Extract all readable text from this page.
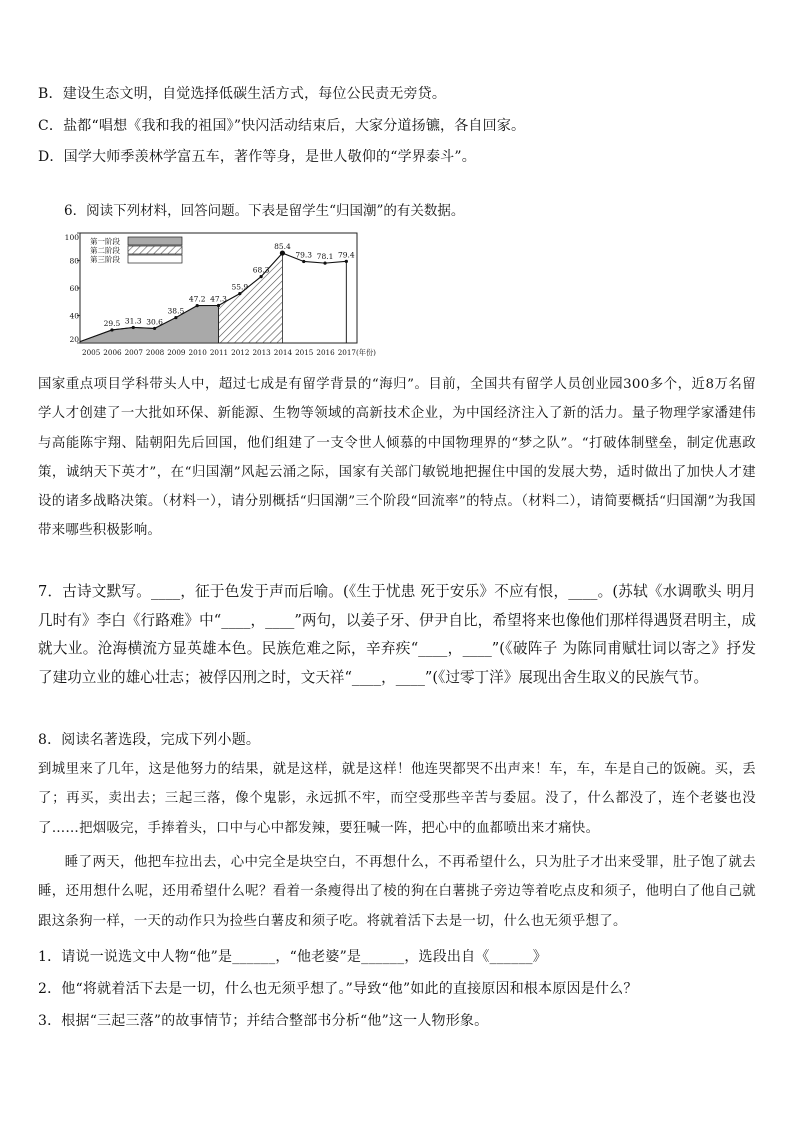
B．建设生态文明，自觉选择低碳生活方式，每位公民责无旁贷。
C．盐都“唱想《我和我的祖国》”快闪活动结束后，大家分道扬镳，各自回家。
D．国学大师季羡林学富五车，著作等身，是世人敬仰的“学界泰斗”。
6．阅读下列材料，回答问题。下表是留学生“归国潮”的有关数据。
20
40
60
80
100
29.5 31.3 30.6
38.5
47.2 47.3
55.9
68.3
85.4
79.3 78.1 79.4
2005 2006 2007 2008 2009 2010 2011 2012 2013 2014 2015 2016 2017(年份)
第一阶段
第二阶段
第三阶段
国家重点项目学科带头人中，超过七成是有留学背景的“海归”。目前，全国共有留学人员创业园300多个，近8万名留学人才创建了一大批如环保、新能源、生物等领域的高新技术企业，为中国经济注入了新的活力。量子物理学家潘建伟与高能陈宇翔、陆朝阳先后回国，他们组建了一支令世人倾慕的中国物理界的“梦之队”。“打破体制壁垒，制定优惠政策，诚纳天下英才”，在“归国潮”风起云涌之际，国家有关部门敏锐地把握住中国的发展大势，适时做出了加快人才建设的诸多战略决策。（材料一），请分别概括“归国潮”三个阶段“回流率”的特点。（材料二），请简要概括“归国潮”为我国带来哪些积极影响。
7．古诗文默写。____，征于色发于声而后喻。(《生于忧患 死于安乐》不应有恨，____。(苏轼《水调歌头 明月几时有》李白《行路难》中“____，____”两句，以姜子牙、伊尹自比，希望将来也像他们那样得遇贤君明主，成就大业。沧海横流方显英雄本色。民族危难之际，辛弃疾“____，____”(《破阵子 为陈同甫赋壮词以寄之》抒发了建功立业的雄心壮志；被俘囚刑之时，文天祥“____，____”(《过零丁洋》展现出舍生取义的民族气节。
8．阅读名著选段，完成下列小题。
到城里来了几年，这是他努力的结果，就是这样，就是这样！他连哭都哭不出声来！车，车，车是自己的饭碗。买，丢了；再买，卖出去；三起三落，像个鬼影，永远抓不牢，而空受那些辛苦与委屈。没了，什么都没了，连个老婆也没了……把烟吸完，手捧着头，口中与心中都发辣，要狂喊一阵，把心中的血都喷出来才痛快。
睡了两天，他把车拉出去，心中完全是块空白，不再想什么，不再希望什么，只为肚子才出来受罪，肚子饱了就去睡，还用想什么呢，还用希望什么呢？看着一条瘦得出了棱的狗在白薯挑子旁边等着吃点皮和须子，他明白了他自己就跟这条狗一样，一天的动作只为捡些白薯皮和须子吃。将就着活下去是一切，什么也无须乎想了。
1．请说一说选文中人物“他”是______，“他老婆”是______，选段出自《______》
2．他“将就着活下去是一切，什么也无须乎想了。”导致“他”如此的直接原因和根本原因是什么？
3．根据“三起三落”的故事情节；并结合整部书分析“他”这一人物形象。
